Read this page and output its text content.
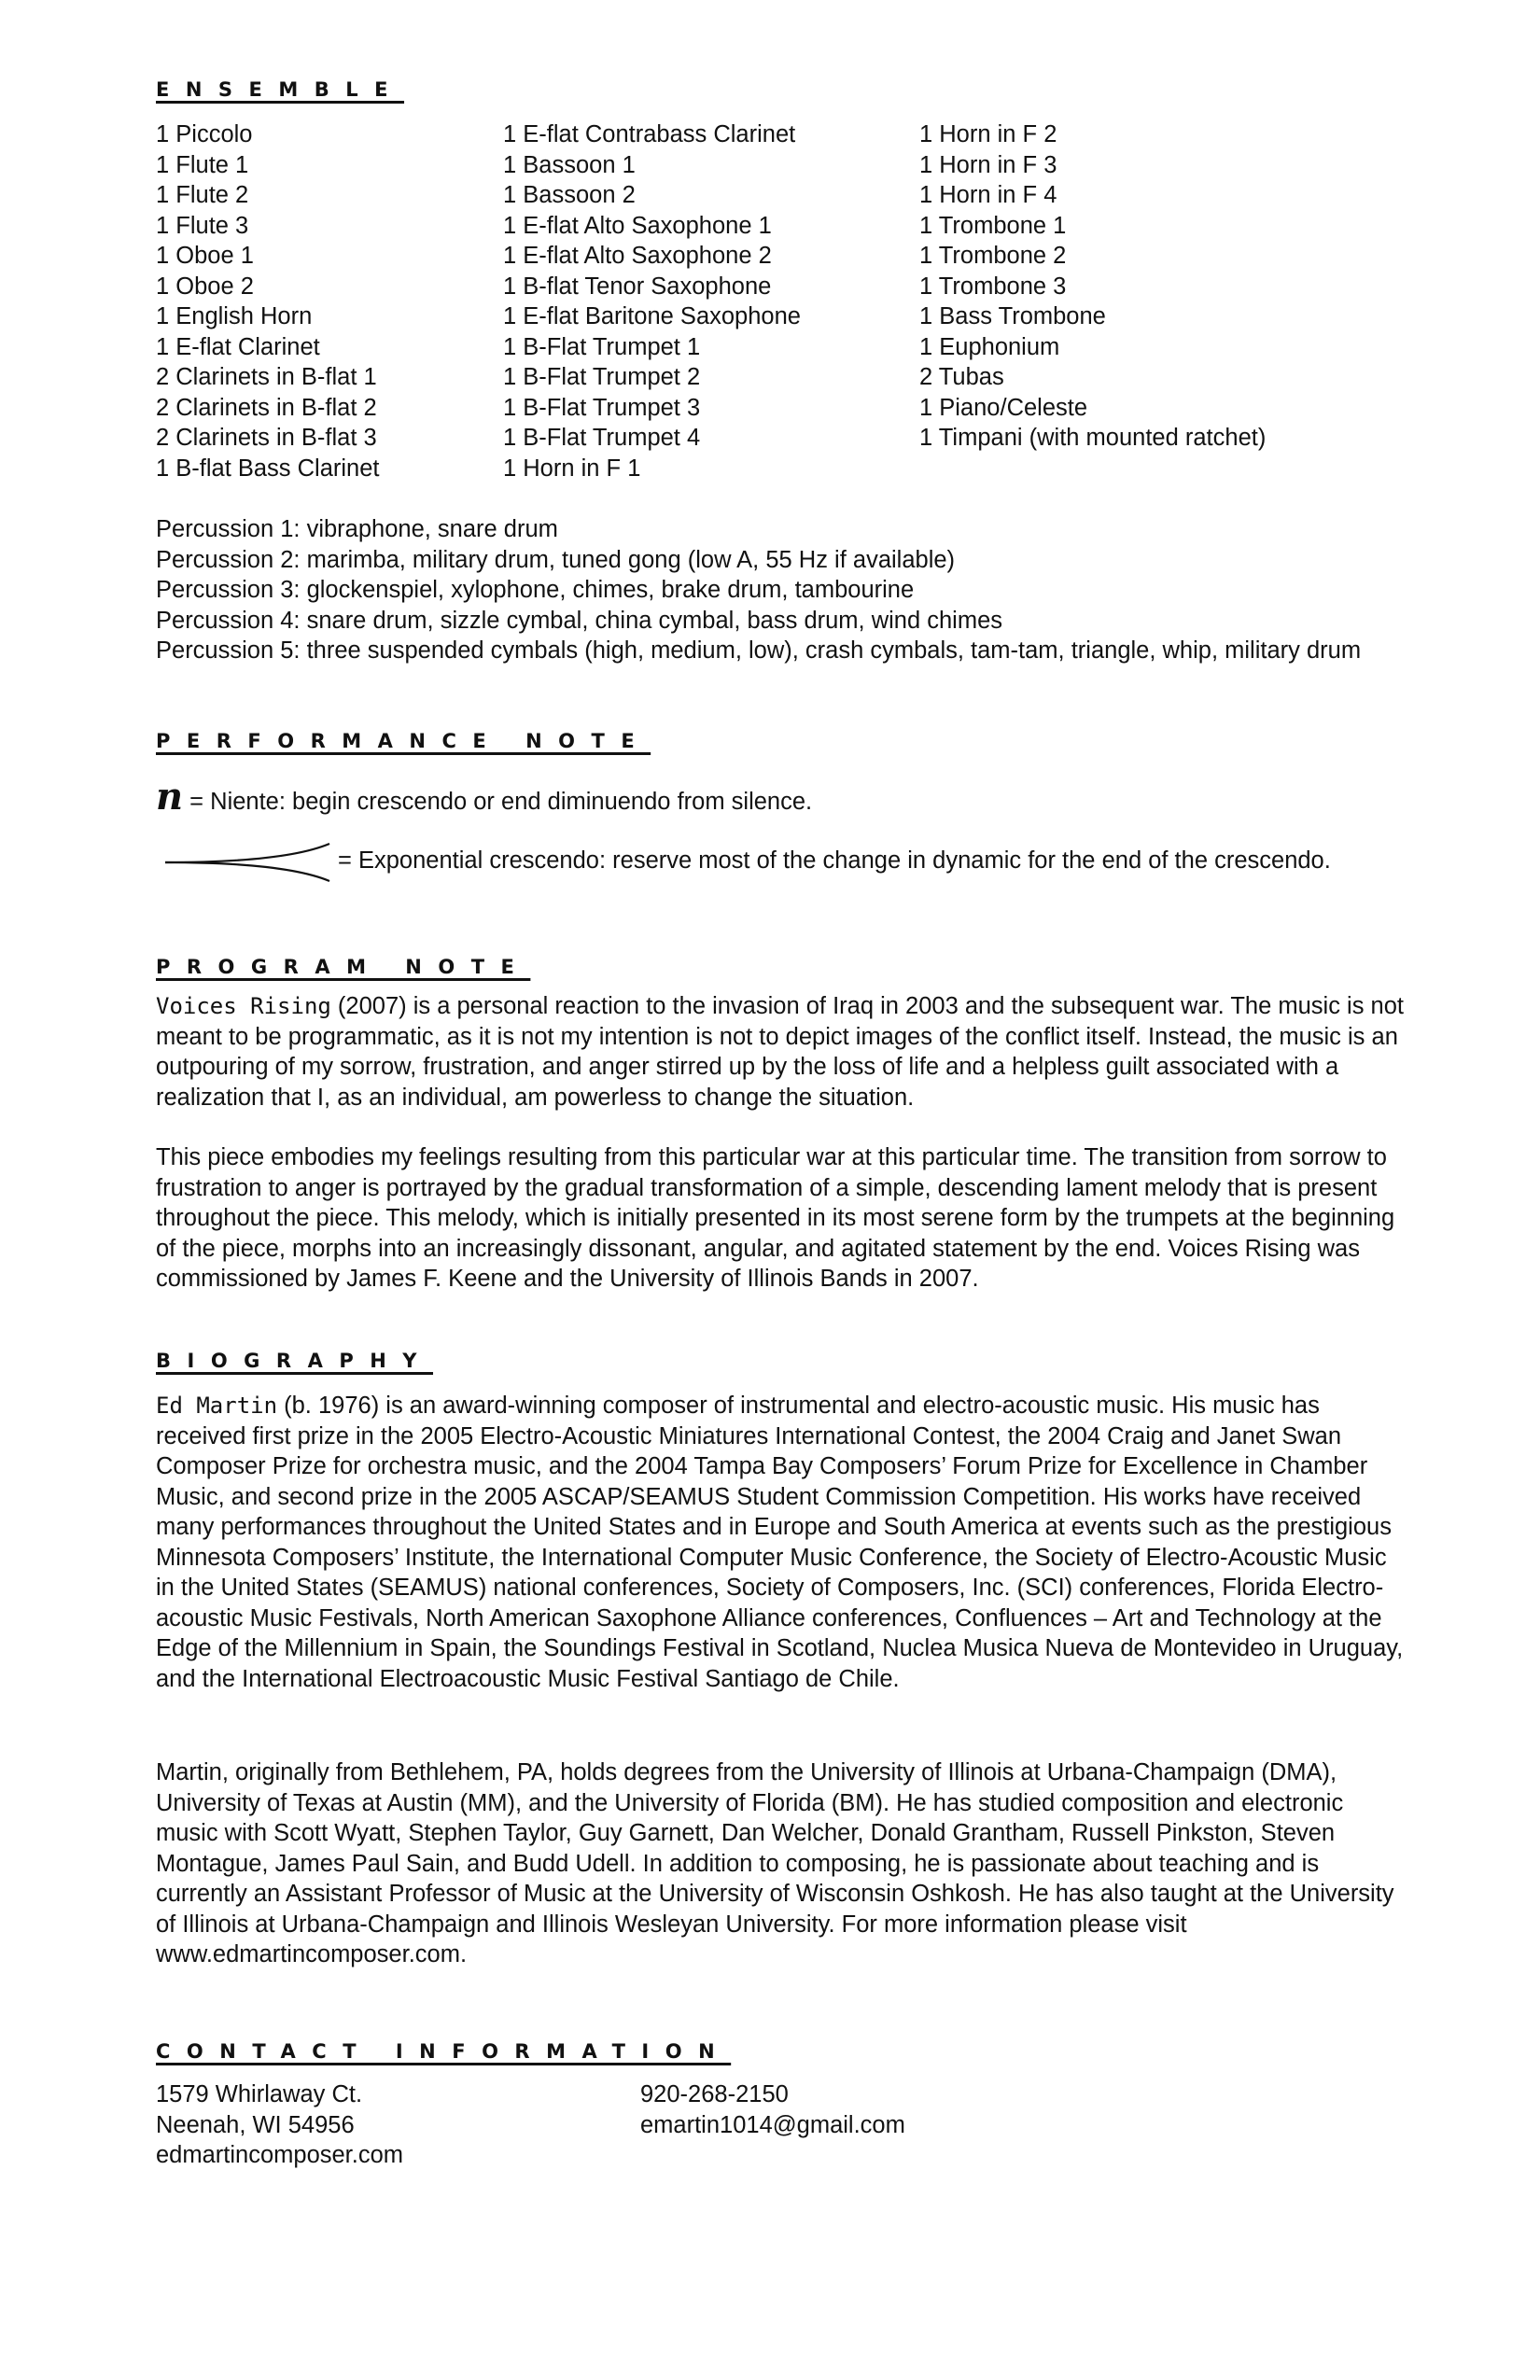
ENSEMBLE
1 Piccolo
1 Flute 1
1 Flute 2
1 Flute 3
1 Oboe 1
1 Oboe 2
1 English Horn
1 E-flat Clarinet
2 Clarinets in B-flat 1
2 Clarinets in B-flat 2
2 Clarinets in B-flat 3
1 B-flat Bass Clarinet
1 E-flat Contrabass Clarinet
1 Bassoon 1
1 Bassoon 2
1 E-flat Alto Saxophone 1
1 E-flat Alto Saxophone 2
1 B-flat Tenor Saxophone
1 E-flat Baritone Saxophone
1 B-Flat Trumpet 1
1 B-Flat Trumpet 2
1 B-Flat Trumpet 3
1 B-Flat Trumpet 4
1 Horn in F 1
1 Horn in F 2
1 Horn in F 3
1 Horn in F 4
1 Trombone 1
1 Trombone 2
1 Trombone 3
1 Bass Trombone
1 Euphonium
2 Tubas
1 Piano/Celeste
1 Timpani (with mounted ratchet)
Percussion 1: vibraphone, snare drum
Percussion 2: marimba, military drum, tuned gong (low A, 55 Hz if available)
Percussion 3: glockenspiel, xylophone, chimes, brake drum, tambourine
Percussion 4: snare drum, sizzle cymbal, china cymbal, bass drum, wind chimes
Percussion 5: three suspended cymbals (high, medium, low), crash cymbals, tam-tam, triangle, whip, military drum
PERFORMANCE NOTE
n = Niente: begin crescendo or end diminuendo from silence.
= Exponential crescendo: reserve most of the change in dynamic for the end of the crescendo.
PROGRAM NOTE
Voices Rising (2007) is a personal reaction to the invasion of Iraq in 2003 and the subsequent war. The music is not meant to be programmatic, as it is not my intention is not to depict images of the conflict itself. Instead, the music is an outpouring of my sorrow, frustration, and anger stirred up by the loss of life and a helpless guilt associated with a realization that I, as an individual, am powerless to change the situation.
This piece embodies my feelings resulting from this particular war at this particular time. The transition from sorrow to frustration to anger is portrayed by the gradual transformation of a simple, descending lament melody that is present throughout the piece. This melody, which is initially presented in its most serene form by the trumpets at the beginning of the piece, morphs into an increasingly dissonant, angular, and agitated statement by the end. Voices Rising was commissioned by James F. Keene and the University of Illinois Bands in 2007.
BIOGRAPHY
Ed Martin (b. 1976) is an award-winning composer of instrumental and electro-acoustic music. His music has received first prize in the 2005 Electro-Acoustic Miniatures International Contest, the 2004 Craig and Janet Swan Composer Prize for orchestra music, and the 2004 Tampa Bay Composers’ Forum Prize for Excellence in Chamber Music, and second prize in the 2005 ASCAP/SEAMUS Student Commission Competition. His works have received many performances throughout the United States and in Europe and South America at events such as the prestigious Minnesota Composers’ Institute, the International Computer Music Conference, the Society of Electro-Acoustic Music in the United States (SEAMUS) national conferences, Society of Composers, Inc. (SCI) conferences, Florida Electro-acoustic Music Festivals, North American Saxophone Alliance conferences, Confluences – Art and Technology at the Edge of the Millennium in Spain, the Soundings Festival in Scotland, Nuclea Musica Nueva de Montevideo in Uruguay, and the International Electroacoustic Music Festival Santiago de Chile.
Martin, originally from Bethlehem, PA, holds degrees from the University of Illinois at Urbana-Champaign (DMA), University of Texas at Austin (MM), and the University of Florida (BM). He has studied composition and electronic music with Scott Wyatt, Stephen Taylor, Guy Garnett, Dan Welcher, Donald Grantham, Russell Pinkston, Steven Montague, James Paul Sain, and Budd Udell. In addition to composing, he is passionate about teaching and is currently an Assistant Professor of Music at the University of Wisconsin Oshkosh. He has also taught at the University of Illinois at Urbana-Champaign and Illinois Wesleyan University. For more information please visit www.edmartincomposer.com.
CONTACT INFORMATION
1579 Whirlaway Ct.
Neenah, WI 54956
edmartincomposer.com
920-268-2150
emartin1014@gmail.com
